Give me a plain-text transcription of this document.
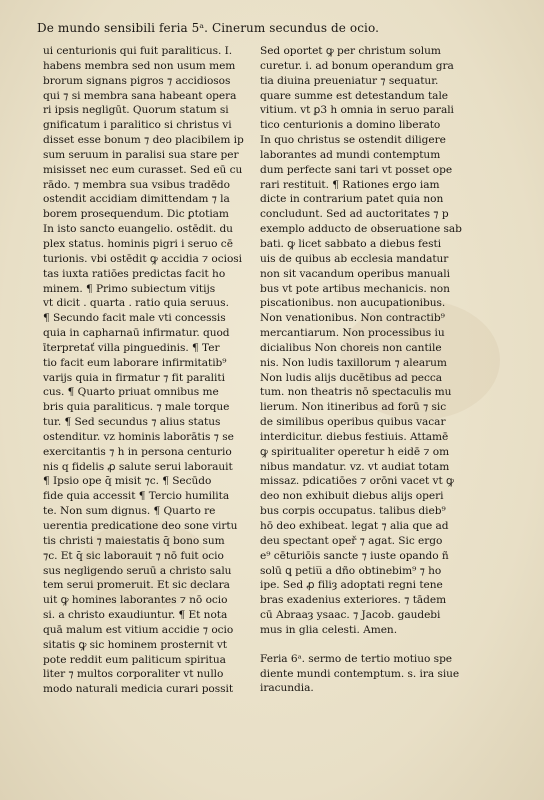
De mundo sensibili feria 5ᵃ. Cinerum secundus de ocio.
ui centurionis qui fuit paraliticus. I.
habens membra sed non usum mem
brorum signans pigros ⁊ accidiosos
qui ⁊ si membra sana habeant opera
ri ipsis negligūt. Quorum statum si
gnificatum i paralitico si christus vi
disset esse bonum ⁊ deo placibilem ip
sum seruum in paralisi sua stare per
misisset nec eum curasset. Sed eū cu
rādo. ⁊ membra sua vsibus tradēdo
ostendit accidiam dimittendam ⁊ la
borem prosequendum. Dic ꝑtotiam
In isto sancto euangelio. ostēdit. du
plex status. hominis pigri i seruo cē
turionis. vbi ostēdit ꝙ accidia ⁊ ociosi
tas iuxta ratiōes predictas facit ho
minem. ¶ Primo subiectum vitijs
vt dicit . quarta . ratio quia seruus.
¶ Secundo facit male vti concessis
quia in capharnaū infirmatur. quod
īterpretať villa pinguedinis. ¶ Ter
tio facit eum laborare infirmitatib⁹
varijs quia in firmatur ⁊ fit paraliti
cus. ¶ Quarto priuat omnibus me
bris quia paraliticus. ⁊ male torque
tur. ¶ Sed secundus ⁊ alius status
ostenditur. vz hominis laborātis ⁊ se
exercitantis ⁊ h in persona centurio
nis q fidelis ꝓ salute serui laborauit
¶ Ipsio ope q̄ misit ⁊c. ¶ Secūdo
fide quia accessit ¶ Tercio humilita
te. Non sum dignus. ¶ Quarto re
uerentia predicatione deo sone virtu
tis christi ⁊ maiestatis q̄ bono sum
⁊c. Et q̄ sic laborauit ⁊ nō fuit ocio
sus negligendo seruū a christo salu
tem serui promeruit. Et sic declara
uit ꝙ homines laborantes ⁊ nō ocio
si. a christo exaudiuntur. ¶ Et nota
quā malum est vitium accidie ⁊ ocio
sitatis ꝙ sic hominem prosternit vt
pote reddit eum paliticum spiritua
liter ⁊ multos corporaliter vt nullo
modo naturali medicia curari possit
Sed oportet ꝙ per christum solum
curetur. i. ad bonum operandum gra
tia diuina preueniatur ⁊ sequatur.
quare summe est detestandum tale
vitium. vt ꝑ3 h omnia in seruo parali
tico centurionis a domino liberato
In quo christus se ostendit diligere
laborantes ad mundi contemptum
dum perfecte sani tari vt posset ope
rari restituit. ¶ Rationes ergo iam
dicte in contrarium patet quia non
concludunt. Sed ad auctoritates ⁊ p
exemplo adducto de obseruatione sab
bati. ꝙ licet sabbato a diebus festi
uis de quibus ab ecclesia mandatur
non sit vacandum operibus manuali
bus vt pote artibus mechanicis. non
piscationibus. non aucupationibus.
Non venationibus. Non contractib⁹
mercantiarum. Non processibus iu
dicialibus Non choreis non cantile
nis. Non ludis taxillorum ⁊ alearum
Non ludis alijs ducētibus ad pecca
tum. non theatris nō spectaculis mu
lierum. Non itineribus ad forū ⁊ sic
de similibus operibus quibus vacar
interdicitur. diebus festiuis. Attamē
ꝙ spiritualiter operetur h eidē ⁊ om
nibus mandatur. vz. vt audiat totam
missaz. pdicatiōes ⁊ orōni vacet vt ꝙ
deo non exhibuit diebus alijs operi
bus corpis occupatus. talibus dieb⁹
hō deo exhibeat. legat ⁊ alia que ad
deu spectant opeř ⁊ agat. Sic ergo
e⁹ cēturiōis sancte ⁊ iuste opando ñ
solū ꝗ petiu̅ a dño obtinebim⁹ ⁊ ho
ipe. Sed ꝓ filiȝ adoptati regni tene
bras exadenius exteriores. ⁊ tādem
cū Abraaȝ ysaac. ⁊ Jacob. gaudebi
mus in glia celesti. Amen.
Feria 6ᵃ. sermo de tertio motiuo spe
diente mundi contemptum. s. ira siue
iracundia.
